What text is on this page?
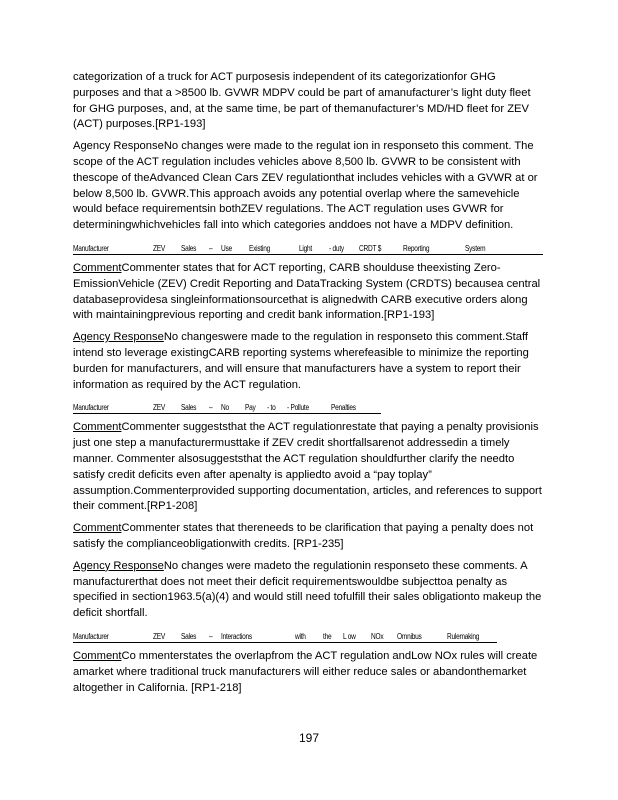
categorization of a truck for ACT purposesis independent of its categorizationfor GHG purposes and that a >8500 lb. GVWR MDPV could be part of amanufacturer’s light duty fleet for GHG purposes, and, at the same time, be part of themanufacturer’s MD/HD fleet for ZEV (ACT) purposes.[RP1-193]

Agency ResponseNo changes were made to the regulat ion in responseto this comment. The scope of the ACT regulation includes vehicles above 8,500 lb. GVWR to be consistent with thescope of theAdvanced Clean Cars ZEV regulationthat includes vehicles with a GVWR at or below 8,500 lb. GVWR.This approach avoids any potential overlap where the samevehicle would beface requirementsin bothZEV regulations. The ACT regulation uses GVWR for determiningwhichvehicles fall into which categories anddoes not have a MDPV definition.

Manufacturer	ZEV	Sales	–	Use	Existing	Light	- duty	CRDT $	Reporting	System

CommentCommenter states that for ACT reporting, CARB shoulduse theexisting Zero-EmissionVehicle (ZEV) Credit Reporting and DataTracking System (CRDTS) becausea central databaseprovidesa singleinformationsourcethat is alignedwith CARB executive orders along with maintainingprevious reporting and credit bank information.[RP1-193]

Agency ResponseNo changeswere made to the regulation in responseto this comment.Staff intend sto leverage existingCARB reporting systems wherefeasible to minimize the reporting burden for manufacturers, and will ensure that manufacturers have a system to report their information as required by the ACT regulation.

Manufacturer	ZEV	Sales	–	No	Pay	- to	- Pollute	Penalties

CommentCommenter suggeststhat the ACT regulationrestate that paying a penalty provisionis just one step a manufacturermusttake if ZEV credit shortfallsarenot addressedin a timely manner. Commenter alsosuggeststhat the ACT regulation shouldfurther clarify the needto satisfy credit deficits even after apenalty is appliedto avoid a “pay toplay” assumption.Commenterprovided supporting documentation, articles, and references to support their comment.[RP1-208]

CommentCommenter states that thereneeds to be clarification that paying a penalty does not satisfy the complianceobligationwith credits. [RP1-235]

Agency ResponseNo changes were madeto the regulationin responseto these comments. A manufacturerthat does not meet their deficit requirementswouldbe subjecttoa penalty as specified in section1963.5(a)(4) and would still need tofulfill their sales obligationto makeup the deficit shortfall.

Manufacturer	ZEV	Sales	–	Interactions	with	the	L ow	NOx	Omnibus	Rulemaking

CommentCo mmenterstates the overlapfrom the ACT regulation andLow NOx rules will create amarket where traditional truck manufacturers will either reduce sales or abandonthemarket altogether in California. [RP1-218]

197
